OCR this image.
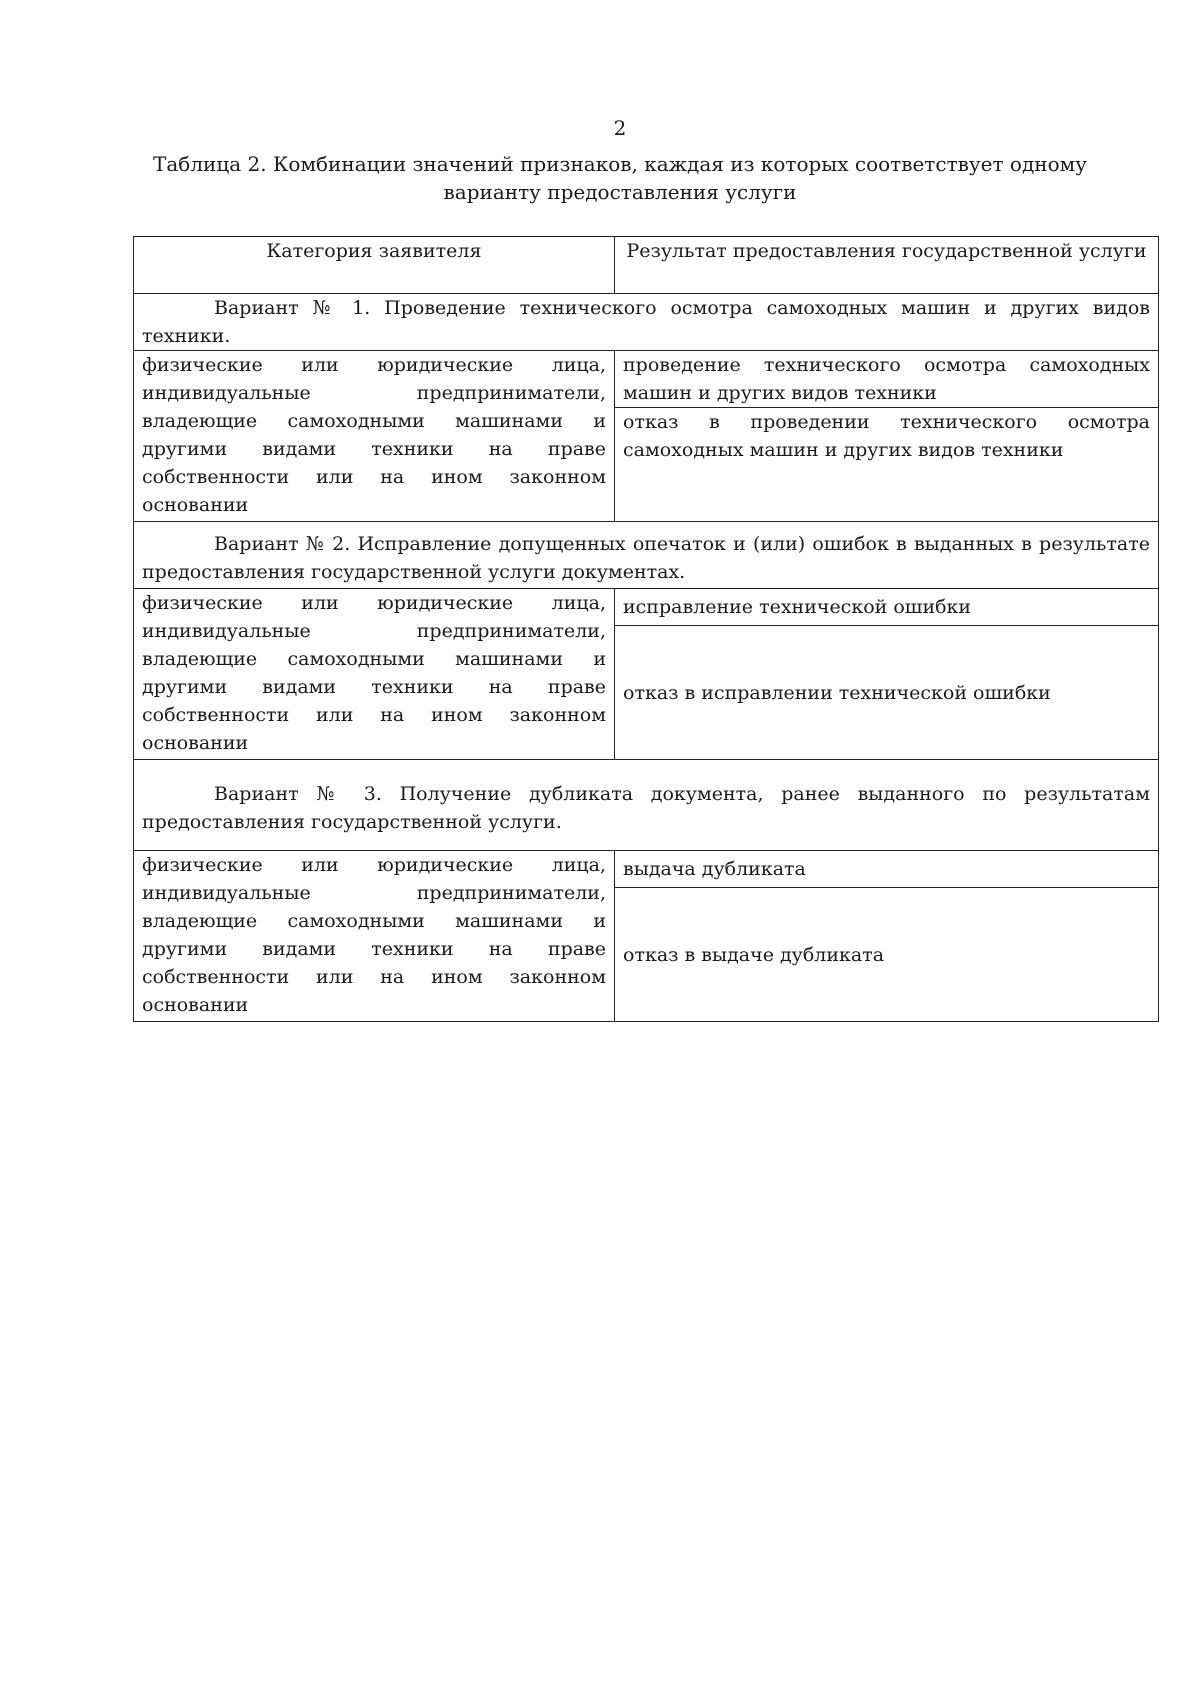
2
Таблица 2. Комбинации значений признаков, каждая из которых соответствует одному варианту предоставления услуги
Категория заявителя	Результат предоставления государственной услуги
Вариант № 1. Проведение технического осмотра самоходных машин и других видов техники.	
физические или юридические лица, индивидуальные предприниматели, владеющие самоходными машинами и другими видами техники на праве собственности или на ином законном основании	проведение технического осмотра самоходных машин и других видов техники
	отказ в проведении технического осмотра самоходных машин и других видов техники
Вариант № 2. Исправление допущенных опечаток и (или) ошибок в выданных в результате предоставления государственной услуги документах.	
физические или юридические лица, индивидуальные предприниматели, владеющие самоходными машинами и другими видами техники на праве собственности или на ином законном основании	исправление технической ошибки
	отказ в исправлении технической ошибки
Вариант № 3. Получение дубликата документа, ранее выданного по результатам предоставления государственной услуги.	
физические или юридические лица, индивидуальные предприниматели, владеющие самоходными машинами и другими видами техники на праве собственности или на ином законном основании	выдача дубликата
	отказ в выдаче дубликата
